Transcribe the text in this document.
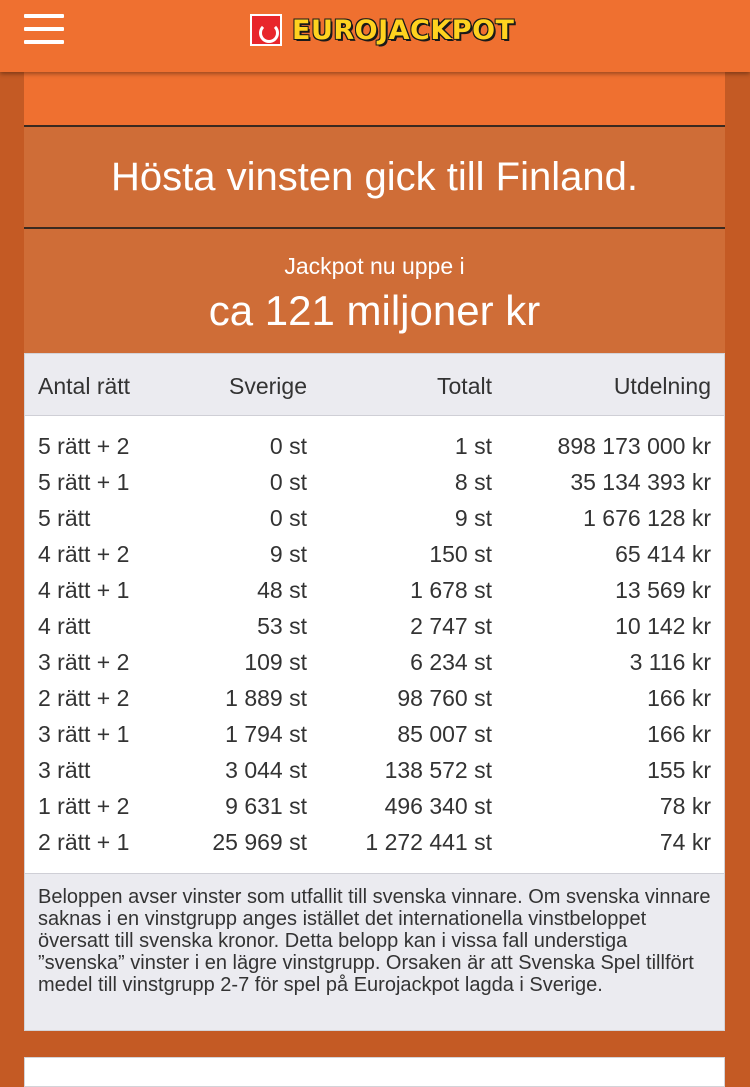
EUROJACKPOT
Hösta vinsten gick till Finland.
Jackpot nu uppe i
ca 121 miljoner kr
Antal rätt	Sverige	Totalt	Utdelning
5 rätt + 2	0 st	1 st	898 173 000 kr
5 rätt + 1	0 st	8 st	35 134 393 kr
5 rätt	0 st	9 st	1 676 128 kr
4 rätt + 2	9 st	150 st	65 414 kr
4 rätt + 1	48 st	1 678 st	13 569 kr
4 rätt	53 st	2 747 st	10 142 kr
3 rätt + 2	109 st	6 234 st	3 116 kr
2 rätt + 2	1 889 st	98 760 st	166 kr
3 rätt + 1	1 794 st	85 007 st	166 kr
3 rätt	3 044 st	138 572 st	155 kr
1 rätt + 2	9 631 st	496 340 st	78 kr
2 rätt + 1	25 969 st	1 272 441 st	74 kr
Beloppen avser vinster som utfallit till svenska vinnare. Om svenska vinnare saknas i en vinstgrupp anges istället det internationella vinstbeloppet översatt till svenska kronor. Detta belopp kan i vissa fall understiga ”svenska” vinster i en lägre vinstgrupp. Orsaken är att Svenska Spel tillfört medel till vinstgrupp 2-7 för spel på Eurojackpot lagda i Sverige.
